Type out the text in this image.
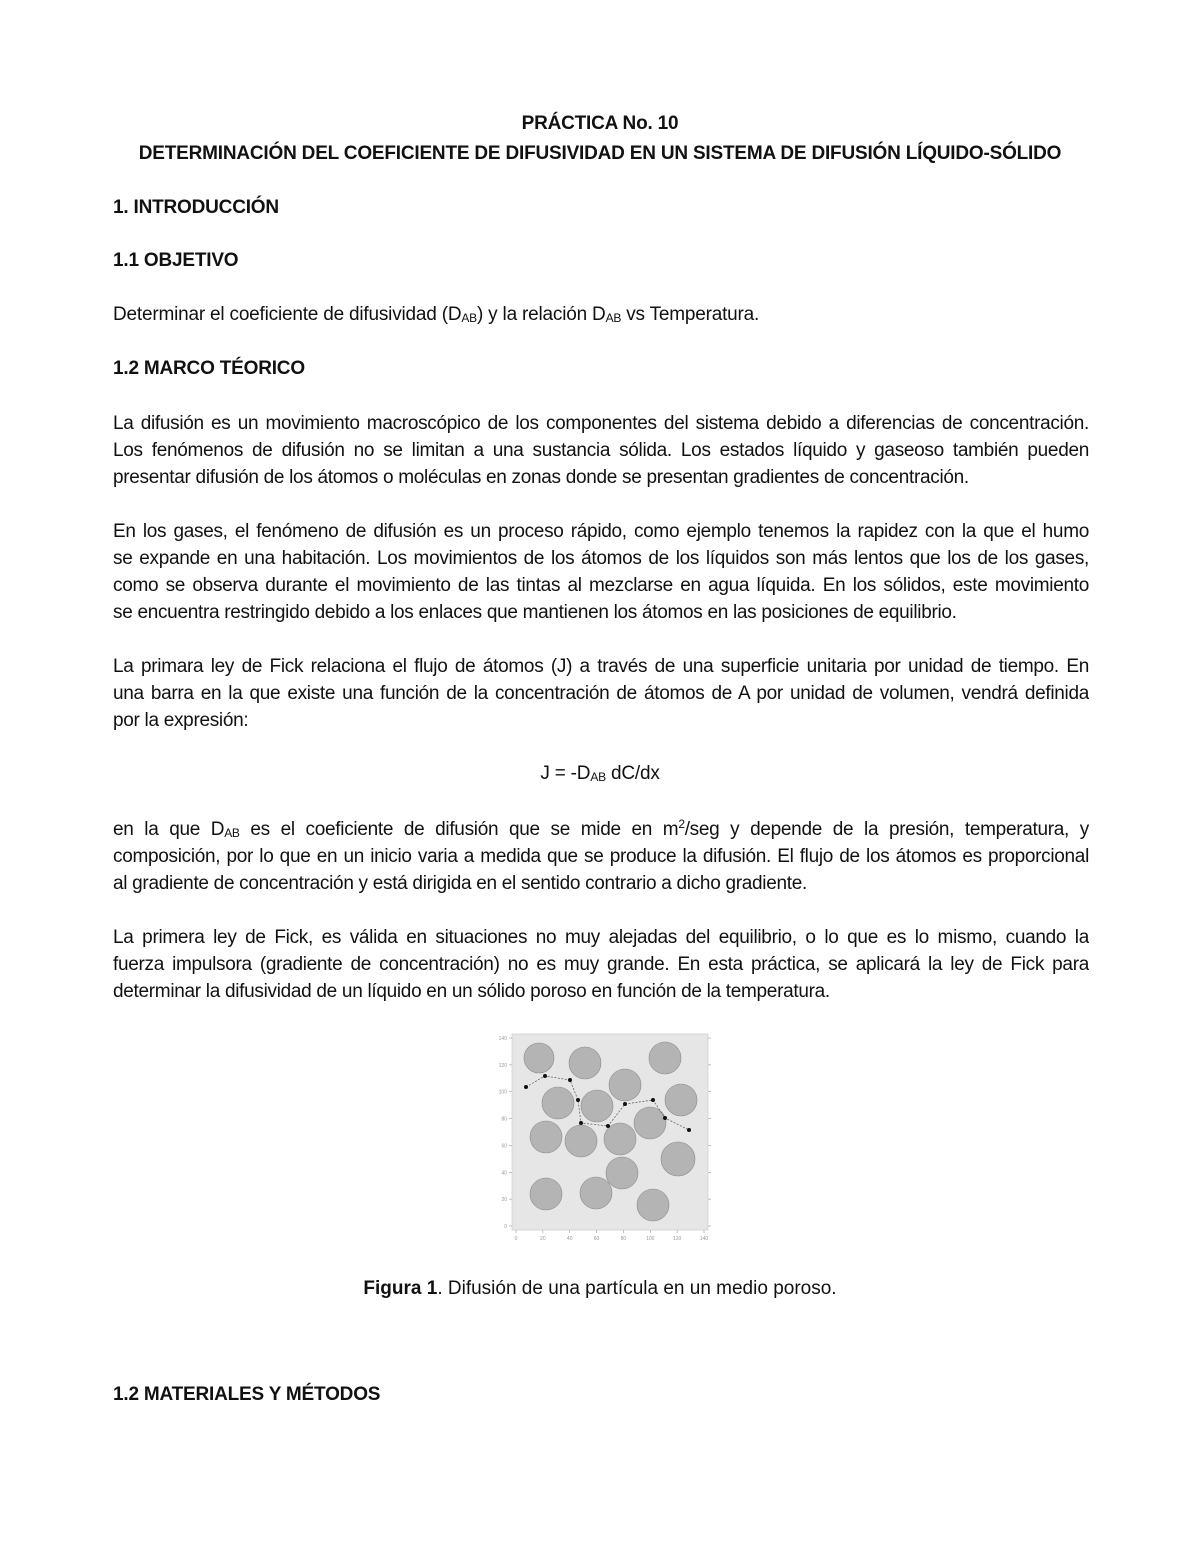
PRÁCTICA No. 10
DETERMINACIÓN DEL COEFICIENTE DE DIFUSIVIDAD EN UN SISTEMA DE DIFUSIÓN LÍQUIDO-SÓLIDO
1. INTRODUCCIÓN
1.1 OBJETIVO
Determinar el coeficiente de difusividad $(D_{AB})$ y la relación $D_{AB}$ vs Temperatura.
1.2 MARCO TÉORICO
La difusión es un movimiento macroscópico de los componentes del sistema debido a diferencias de concentración.
Los fenómenos de difusión no se limitan a una sustancia sólida. Los estados líquido y gaseoso también pueden
presentar difusión de los átomos o moléculas en zonas donde se presentan gradientes de concentración.
En los gases, el fenómeno de difusión es un proceso rápido, como ejemplo tenemos la rapidez con la que el humo
se expande en una habitación. Los movimientos de los átomos de los líquidos son más lentos que los de los gases,
como se observa durante el movimiento de las tintas al mezclarse en agua líquida. En los sólidos, este movimiento
se encuentra restringido debido a los enlaces que mantienen los átomos en las posiciones de equilibrio.
La primara ley de Fick relaciona el flujo de átomos (J) a través de una superficie unitaria por unidad de tiempo. En
una barra en la que existe una función de la concentración de átomos de A por unidad de volumen, vendrá definida
por la expresión:
$J = -D_{AB}$ dC/dx
en la que $D_{AB}$ es el coeficiente de difusión que se mide en $m^2$/seg y depende de la presión, temperatura, y
composición, por lo que en un inicio varia a medida que se produce la difusión. El flujo de los átomos es proporcional
al gradiente de concentración y está dirigida en el sentido contrario a dicho gradiente.
La primera ley de Fick, es válida en situaciones no muy alejadas del equilibrio, o lo que es lo mismo, cuando la
fuerza impulsora (gradiente de concentración) no es muy grande. En esta práctica, se aplicará la ley de Fick para
determinar la difusividad de un líquido en un sólido poroso en función de la temperatura.
140
120
100
80
60
40
20
0
0	20	40	60	80	100	120	140
Figura 1. Difusión de una partícula en un medio poroso.
1.2 MATERIALES Y MÉTODOS
